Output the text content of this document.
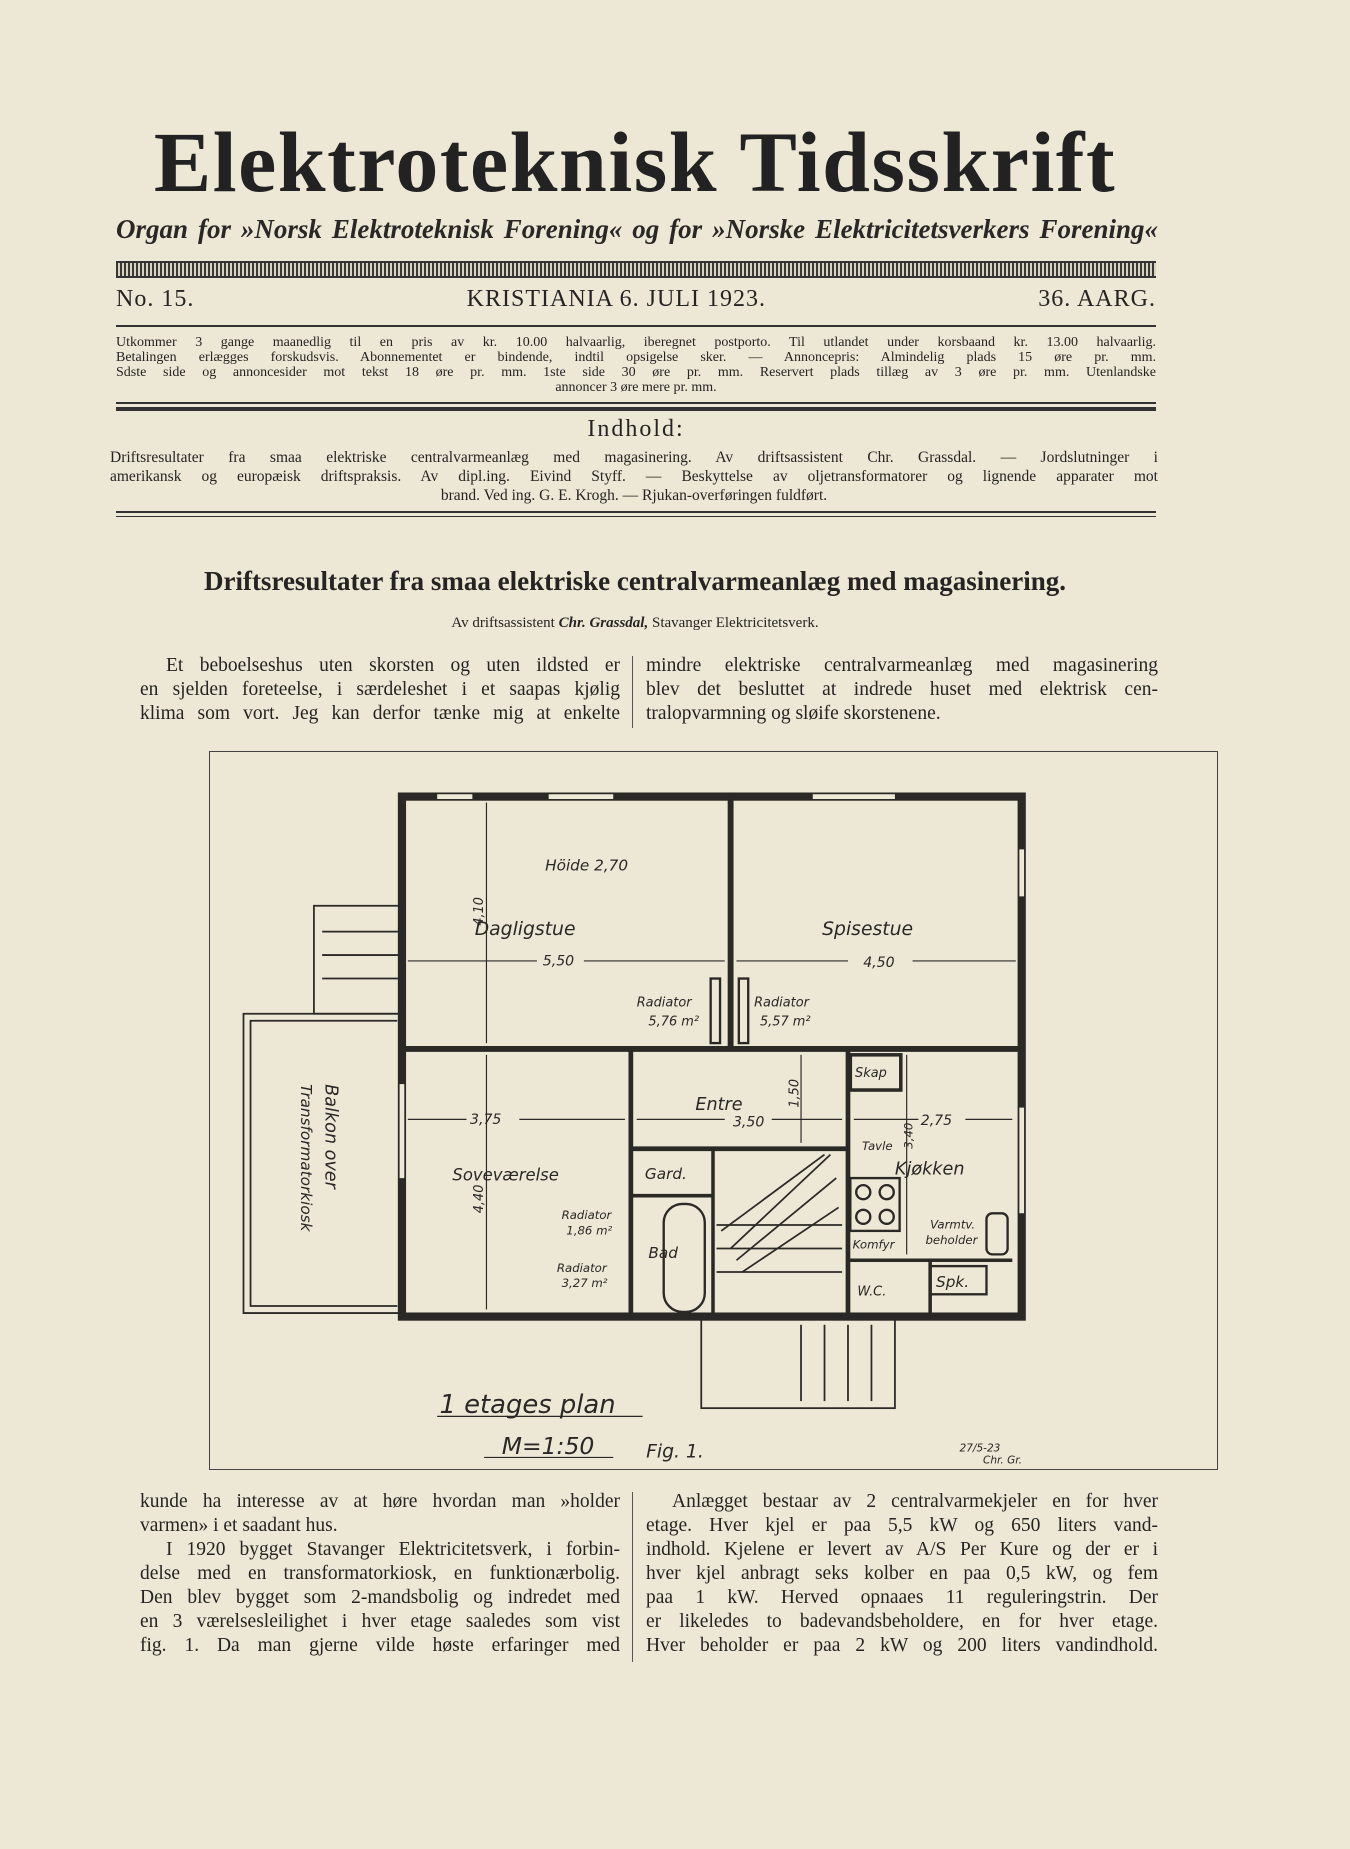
Elektroteknisk Tidsskrift
Organ for »Norsk Elektroteknisk Forening« og for »Norske Elektricitetsverkers Forening«
No. 15.	KRISTIANIA 6. JULI 1923.	36. AARG.
Utkommer 3 gange maanedlig til en pris av kr. 10.00 halvaarlig, iberegnet postporto. Til utlandet under korsbaand kr. 13.00 halvaarlig.
Betalingen erlægges forskudsvis. Abonnementet er bindende, indtil opsigelse sker. — Annoncepris: Almindelig plads 15 øre pr. mm.
Sdste side og annoncesider mot tekst 18 øre pr. mm. 1ste side 30 øre pr. mm. Reservert plads tillæg av 3 øre pr. mm. Utenlandske
annoncer 3 øre mere pr. mm.
Indhold:
Driftsresultater fra smaa elektriske centralvarmeanlæg med magasinering. Av driftsassistent Chr. Grassdal. — Jordslutninger i
amerikansk og europæisk driftspraksis. Av dipl.ing. Eivind Styff. — Beskyttelse av oljetransformatorer og lignende apparater mot
brand. Ved ing. G. E. Krogh. — Rjukan-overføringen fuldført.
Driftsresultater fra smaa elektriske centralvarmeanlæg med magasinering.
Av driftsassistent Chr. Grassdal, Stavanger Elektricitetsverk.
Et beboelseshus uten skorsten og uten ildsted er
en sjelden foreteelse, i særdeleshet i et saapas kjølig
klima som vort. Jeg kan derfor tænke mig at enkelte
mindre elektriske centralvarmeanlæg med magasinering
blev det besluttet at indrede huset med elektrisk cen-
tralopvarmning og sløife skorstenene.
Höide 2,70
Dagligstue	Spisestue
4,10
5,50	4,50
Radiator
5,76 m²
Radiator
5,57 m²
Entre
3,50
1,50
3,75
Soveværelse
4,40
Gard.
Radiator
1,86 m²
Radiator
3,27 m²
Bad
Skap
2,75
Tavle 3,40
Kjøkken
Komfyr
Varmtv.
beholder
W.C.
Spk.
Balkon over
Transformatorkiosk
1 etages plan
M=1:50	Fig. 1.	27/5-23
Chr. Gr.
kunde ha interesse av at høre hvordan man »holder
varmen» i et saadant hus.
I 1920 bygget Stavanger Elektricitetsverk, i forbin-
delse med en transformatorkiosk, en funktionærbolig.
Den blev bygget som 2-mandsbolig og indredet med
en 3 værelsesleilighet i hver etage saaledes som vist
fig. 1. Da man gjerne vilde høste erfaringer med
Anlægget bestaar av 2 centralvarmekjeler en for hver
etage. Hver kjel er paa 5,5 kW og 650 liters vand-
indhold. Kjelene er levert av A/S Per Kure og der er i
hver kjel anbragt seks kolber en paa 0,5 kW, og fem
paa 1 kW. Herved opnaaes 11 reguleringstrin. Der
er likeledes to badevandsbeholdere, en for hver etage.
Hver beholder er paa 2 kW og 200 liters vandindhold.
